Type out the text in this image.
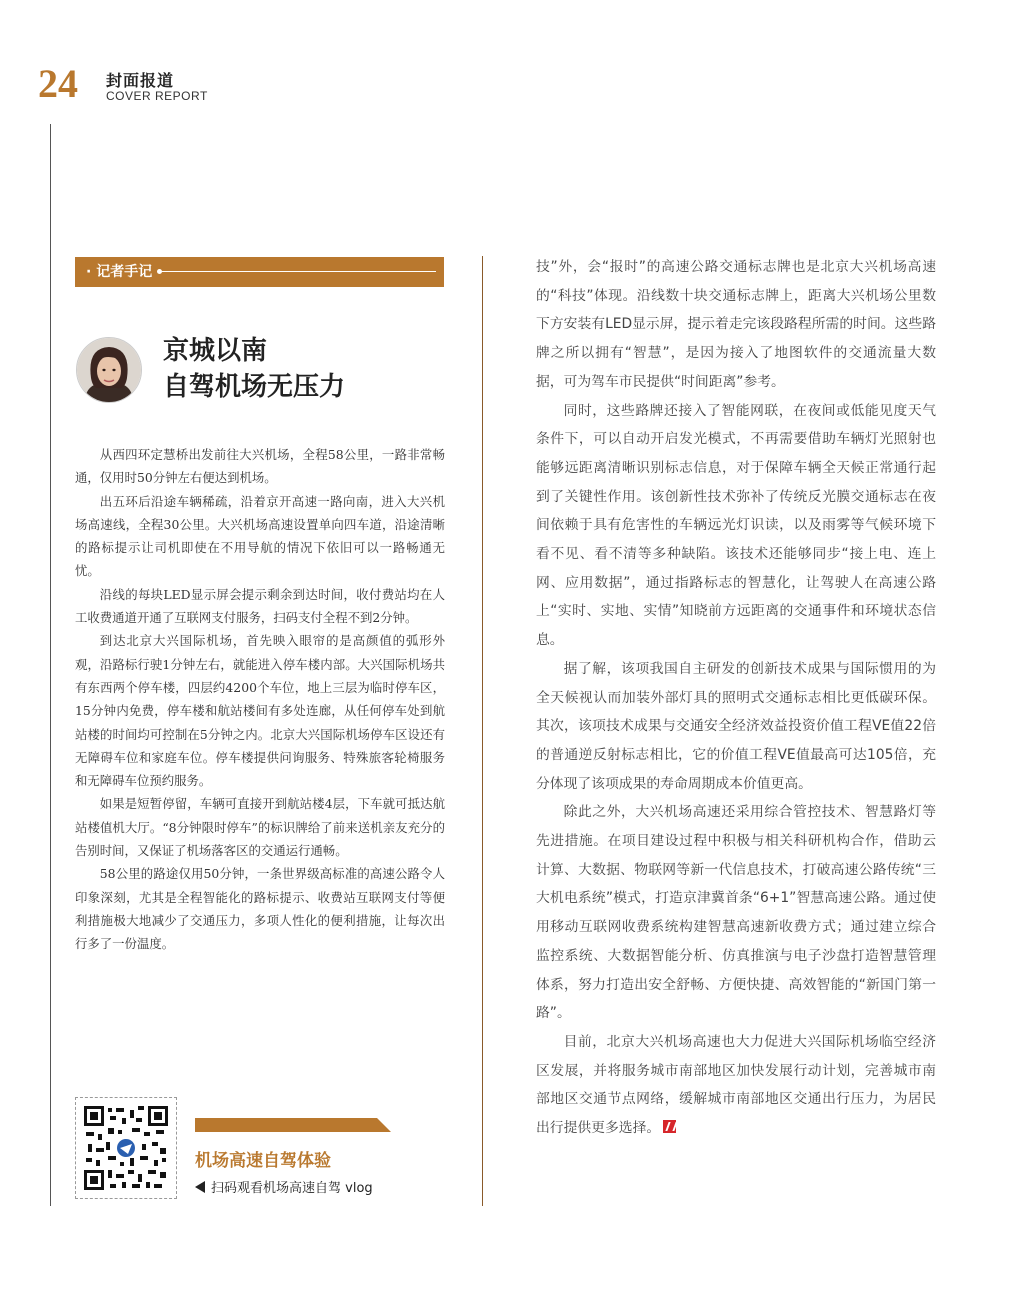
24 封面报道
COVER REPORT
· 记者手记
京城以南
自驾机场无压力

从西四环定慧桥出发前往大兴机场，全程58公里，一路非常畅通，仅用时50分钟左右便达到机场。

出五环后沿途车辆稀疏，沿着京开高速一路向南，进入大兴机场高速线，全程30公里。大兴机场高速设置单向四车道，沿途清晰的路标提示让司机即使在不用导航的情况下依旧可以一路畅通无忧。

沿线的每块LED显示屏会提示剩余到达时间，收付费站均在人工收费通道开通了互联网支付服务，扫码支付全程不到2分钟。

到达北京大兴国际机场，首先映入眼帘的是高颜值的弧形外观，沿路标行驶1分钟左右，就能进入停车楼内部。大兴国际机场共有东西两个停车楼，四层约4200个车位，地上三层为临时停车区，15分钟内免费，停车楼和航站楼间有多处连廊，从任何停车处到航站楼的时间均可控制在5分钟之内。北京大兴国际机场停车区设还有无障碍车位和家庭车位。停车楼提供问询服务、特殊旅客轮椅服务和无障碍车位预约服务。

如果是短暂停留，车辆可直接开到航站楼4层，下车就可抵达航站楼值机大厅。“8分钟限时停车”的标识牌给了前来送机亲友充分的告别时间，又保证了机场落客区的交通运行通畅。

58公里的路途仅用50分钟，一条世界级高标准的高速公路令人印象深刻，尤其是全程智能化的路标提示、收费站互联网支付等便利措施极大地减少了交通压力，多项人性化的便利措施，让每次出行多了一份温度。

技”外，会“报时”的高速公路交通标志牌也是北京大兴机场高速的“科技”体现。沿线数十块交通标志牌上，距离大兴机场公里数下方安装有LED显示屏，提示着走完该段路程所需的时间。这些路牌之所以拥有“智慧”，是因为接入了地图软件的交通流量大数据，可为驾车市民提供“时间距离”参考。

同时，这些路牌还接入了智能网联，在夜间或低能见度天气条件下，可以自动开启发光模式，不再需要借助车辆灯光照射也能够远距离清晰识别标志信息，对于保障车辆全天候正常通行起到了关键性作用。该创新性技术弥补了传统反光膜交通标志在夜间依赖于具有危害性的车辆远光灯识读，以及雨雾等气候环境下看不见、看不清等多种缺陷。该技术还能够同步“接上电、连上网、应用数据”，通过指路标志的智慧化，让驾驶人在高速公路上“实时、实地、实情”知晓前方远距离的交通事件和环境状态信息。

据了解，该项我国自主研发的创新技术成果与国际惯用的为全天候视认而加装外部灯具的照明式交通标志相比更低碳环保。其次，该项技术成果与交通安全经济效益投资价值工程VE值22倍的普通逆反射标志相比，它的价值工程VE值最高可达105倍，充分体现了该项成果的寿命周期成本价值更高。

除此之外，大兴机场高速还采用综合管控技术、智慧路灯等先进措施。在项目建设过程中积极与相关科研机构合作，借助云计算、大数据、物联网等新一代信息技术，打破高速公路传统“三大机电系统”模式，打造京津冀首条“6+1”智慧高速公路。通过使用移动互联网收费系统构建智慧高速新收费方式；通过建立综合监控系统、大数据智能分析、仿真推演与电子沙盘打造智慧管理体系，努力打造出安全舒畅、方便快捷、高效智能的“新国门第一路”。

目前，北京大兴机场高速也大力促进大兴国际机场临空经济区发展，并将服务城市南部地区加快发展行动计划，完善城市南部地区交通节点网络，缓解城市南部地区交通出行压力，为居民出行提供更多选择。

机场高速自驾体验
扫码观看机场高速自驾 vlog
